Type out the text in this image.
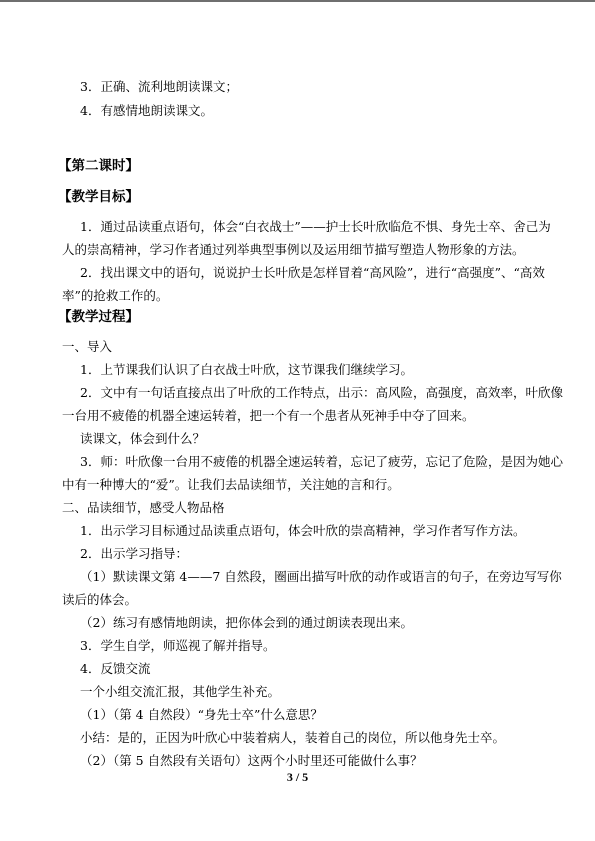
3．正确、流利地朗读课文；
4．有感情地朗读课文。
【第二课时】
【教学目标】
1．通过品读重点语句，体会“白衣战士”——护士长叶欣临危不惧、身先士卒、舍己为
人的崇高精神，学习作者通过列举典型事例以及运用细节描写塑造人物形象的方法。
2．找出课文中的语句，说说护士长叶欣是怎样冒着“高风险”，进行“高强度”、“高效
率”的抢救工作的。
【教学过程】
一、导入
1．上节课我们认识了白衣战士叶欣，这节课我们继续学习。
2．文中有一句话直接点出了叶欣的工作特点，出示：高风险，高强度，高效率，叶欣像
一台用不疲倦的机器全速运转着，把一个有一个患者从死神手中夺了回来。
读课文，体会到什么？
3．师：叶欣像一台用不疲倦的机器全速运转着，忘记了疲劳，忘记了危险，是因为她心
中有一种博大的“爱”。让我们去品读细节，关注她的言和行。
二、品读细节，感受人物品格
1．出示学习目标通过品读重点语句，体会叶欣的崇高精神，学习作者写作方法。
2．出示学习指导：
（1）默读课文第 4——7 自然段，圈画出描写叶欣的动作或语言的句子，在旁边写写你
读后的体会。
（2）练习有感情地朗读，把你体会到的通过朗读表现出来。
3．学生自学，师巡视了解并指导。
4．反馈交流
一个小组交流汇报，其他学生补充。
（1）（第 4 自然段）“身先士卒”什么意思？
小结：是的，正因为叶欣心中装着病人，装着自己的岗位，所以他身先士卒。
（2）（第 5 自然段有关语句）这两个小时里还可能做什么事？
3 / 5
